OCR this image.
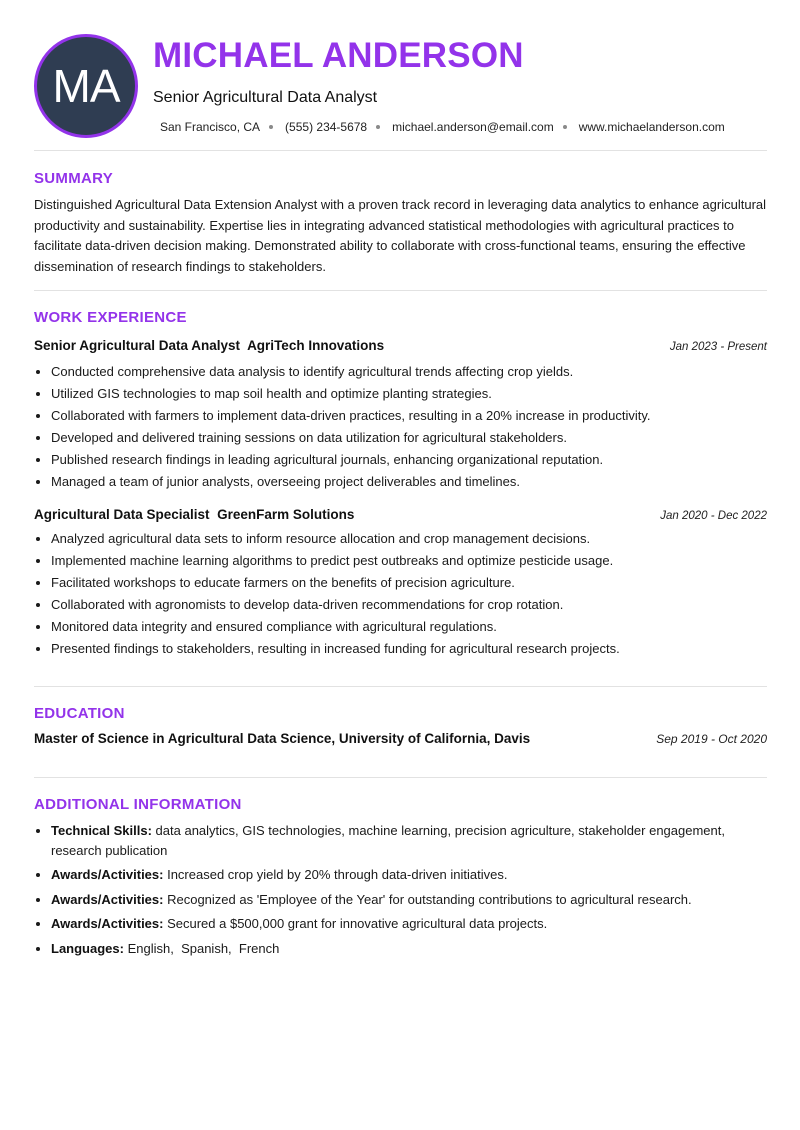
MA
MICHAEL ANDERSON
Senior Agricultural Data Analyst
San Francisco, CA (555) 234-5678 michael.anderson@email.com www.michaelanderson.com
SUMMARY
Distinguished Agricultural Data Extension Analyst with a proven track record in leveraging data analytics to enhance agricultural productivity and sustainability. Expertise lies in integrating advanced statistical methodologies with agricultural practices to facilitate data-driven decision making. Demonstrated ability to collaborate with cross-functional teams, ensuring the effective dissemination of research findings to stakeholders.
WORK EXPERIENCE
Senior Agricultural Data Analyst AgriTech Innovations	Jan 2023 - Present
• Conducted comprehensive data analysis to identify agricultural trends affecting crop yields.
• Utilized GIS technologies to map soil health and optimize planting strategies.
• Collaborated with farmers to implement data-driven practices, resulting in a 20% increase in productivity.
• Developed and delivered training sessions on data utilization for agricultural stakeholders.
• Published research findings in leading agricultural journals, enhancing organizational reputation.
• Managed a team of junior analysts, overseeing project deliverables and timelines.
Agricultural Data Specialist GreenFarm Solutions	Jan 2020 - Dec 2022
• Analyzed agricultural data sets to inform resource allocation and crop management decisions.
• Implemented machine learning algorithms to predict pest outbreaks and optimize pesticide usage.
• Facilitated workshops to educate farmers on the benefits of precision agriculture.
• Collaborated with agronomists to develop data-driven recommendations for crop rotation.
• Monitored data integrity and ensured compliance with agricultural regulations.
• Presented findings to stakeholders, resulting in increased funding for agricultural research projects.
EDUCATION
Master of Science in Agricultural Data Science, University of California, Davis	Sep 2019 - Oct 2020
ADDITIONAL INFORMATION
• Technical Skills: data analytics, GIS technologies, machine learning, precision agriculture, stakeholder engagement, research publication
• Awards/Activities: Increased crop yield by 20% through data-driven initiatives.
• Awards/Activities: Recognized as 'Employee of the Year' for outstanding contributions to agricultural research.
• Awards/Activities: Secured a $500,000 grant for innovative agricultural data projects.
• Languages: English,  Spanish,  French
